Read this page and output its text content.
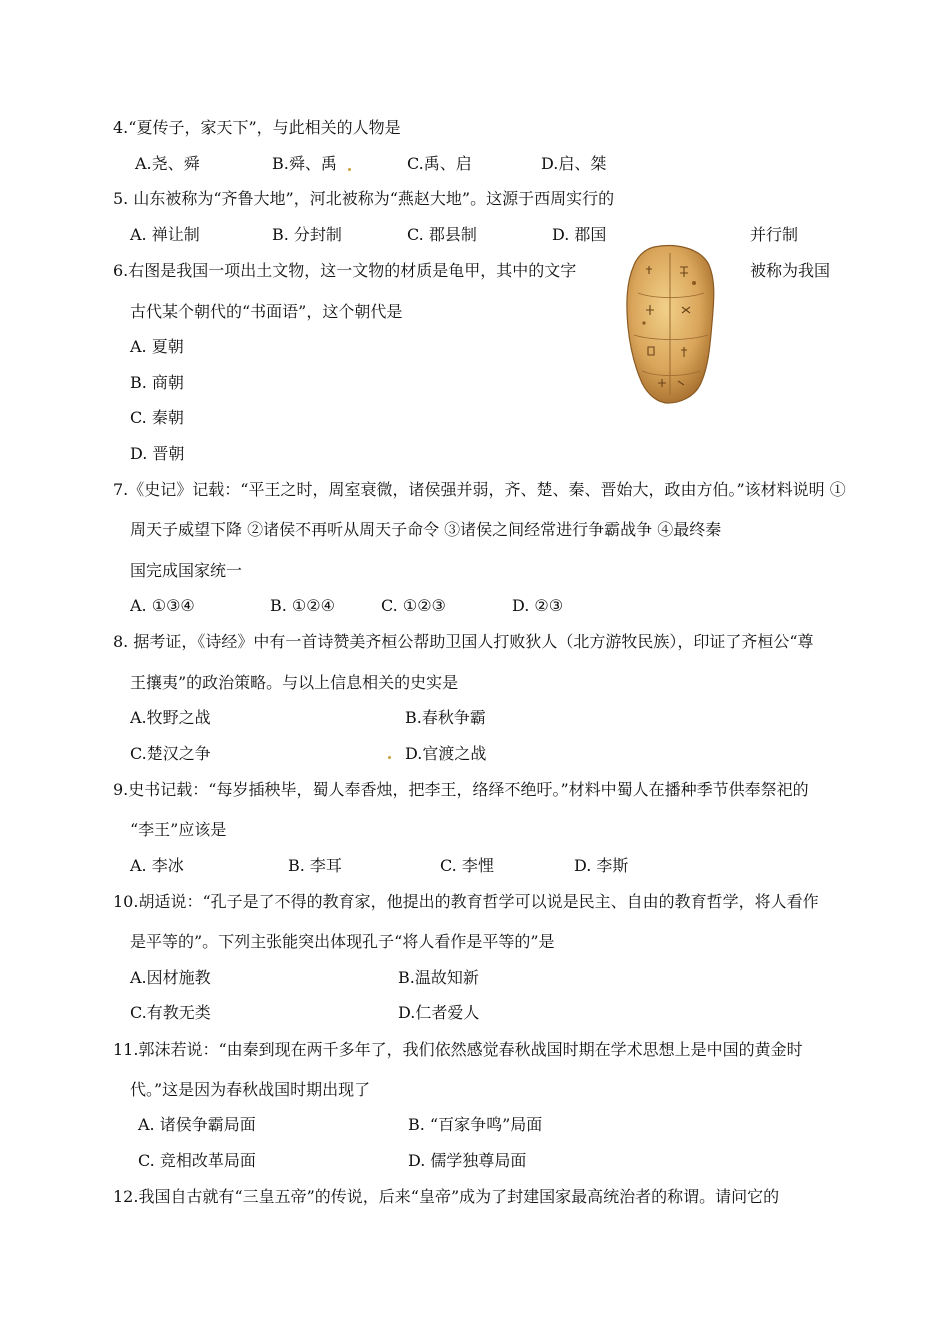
4.“夏传子，家天下”，与此相关的人物是
A.尧、舜	B.舜、禹	C.禹、启	D.启、桀
5. 山东被称为“齐鲁大地”，河北被称为“燕赵大地”。这源于西周实行的
A. 禅让制	B. 分封制	C. 郡县制	D. 郡国	并行制
6.右图是我国一项出土文物，这一文物的材质是龟甲，其中的文字	被称为我国
古代某个朝代的“书面语”，这个朝代是
A. 夏朝
B. 商朝
C. 秦朝
D. 晋朝
7.《史记》记载：“平王之时，周室衰微，诸侯强并弱，齐、楚、秦、晋始大，政由方伯。”该材料说明 ①
周天子威望下降 ②诸侯不再听从周天子命令 ③诸侯之间经常进行争霸战争 ④最终秦
国完成国家统一
A. ①③④	B. ①②④	C. ①②③	D. ②③
8. 据考证，《诗经》中有一首诗赞美齐桓公帮助卫国人打败狄人（北方游牧民族），印证了齐桓公“尊
王攘夷”的政治策略。与以上信息相关的史实是
A.牧野之战	B.春秋争霸
C.楚汉之争	D.官渡之战
9.史书记载：“每岁插秧毕，蜀人奉香烛，把李王，络绎不绝吁。”材料中蜀人在播种季节供奉祭祀的
“李王”应该是
A. 李冰	B. 李耳	C. 李悝	D. 李斯
10.胡适说：“孔子是了不得的教育家，他提出的教育哲学可以说是民主、自由的教育哲学，将人看作
是平等的”。下列主张能突出体现孔子“将人看作是平等的”是
A.因材施教	B.温故知新
C.有教无类	D.仁者爱人
11.郭沫若说：“由秦到现在两千多年了，我们依然感觉春秋战国时期在学术思想上是中国的黄金时
代。”这是因为春秋战国时期出现了
A. 诸侯争霸局面	B. “百家争鸣”局面
C. 竞相改革局面	D. 儒学独尊局面
12.我国自古就有“三皇五帝”的传说，后来“皇帝”成为了封建国家最高统治者的称谓。请问它的
